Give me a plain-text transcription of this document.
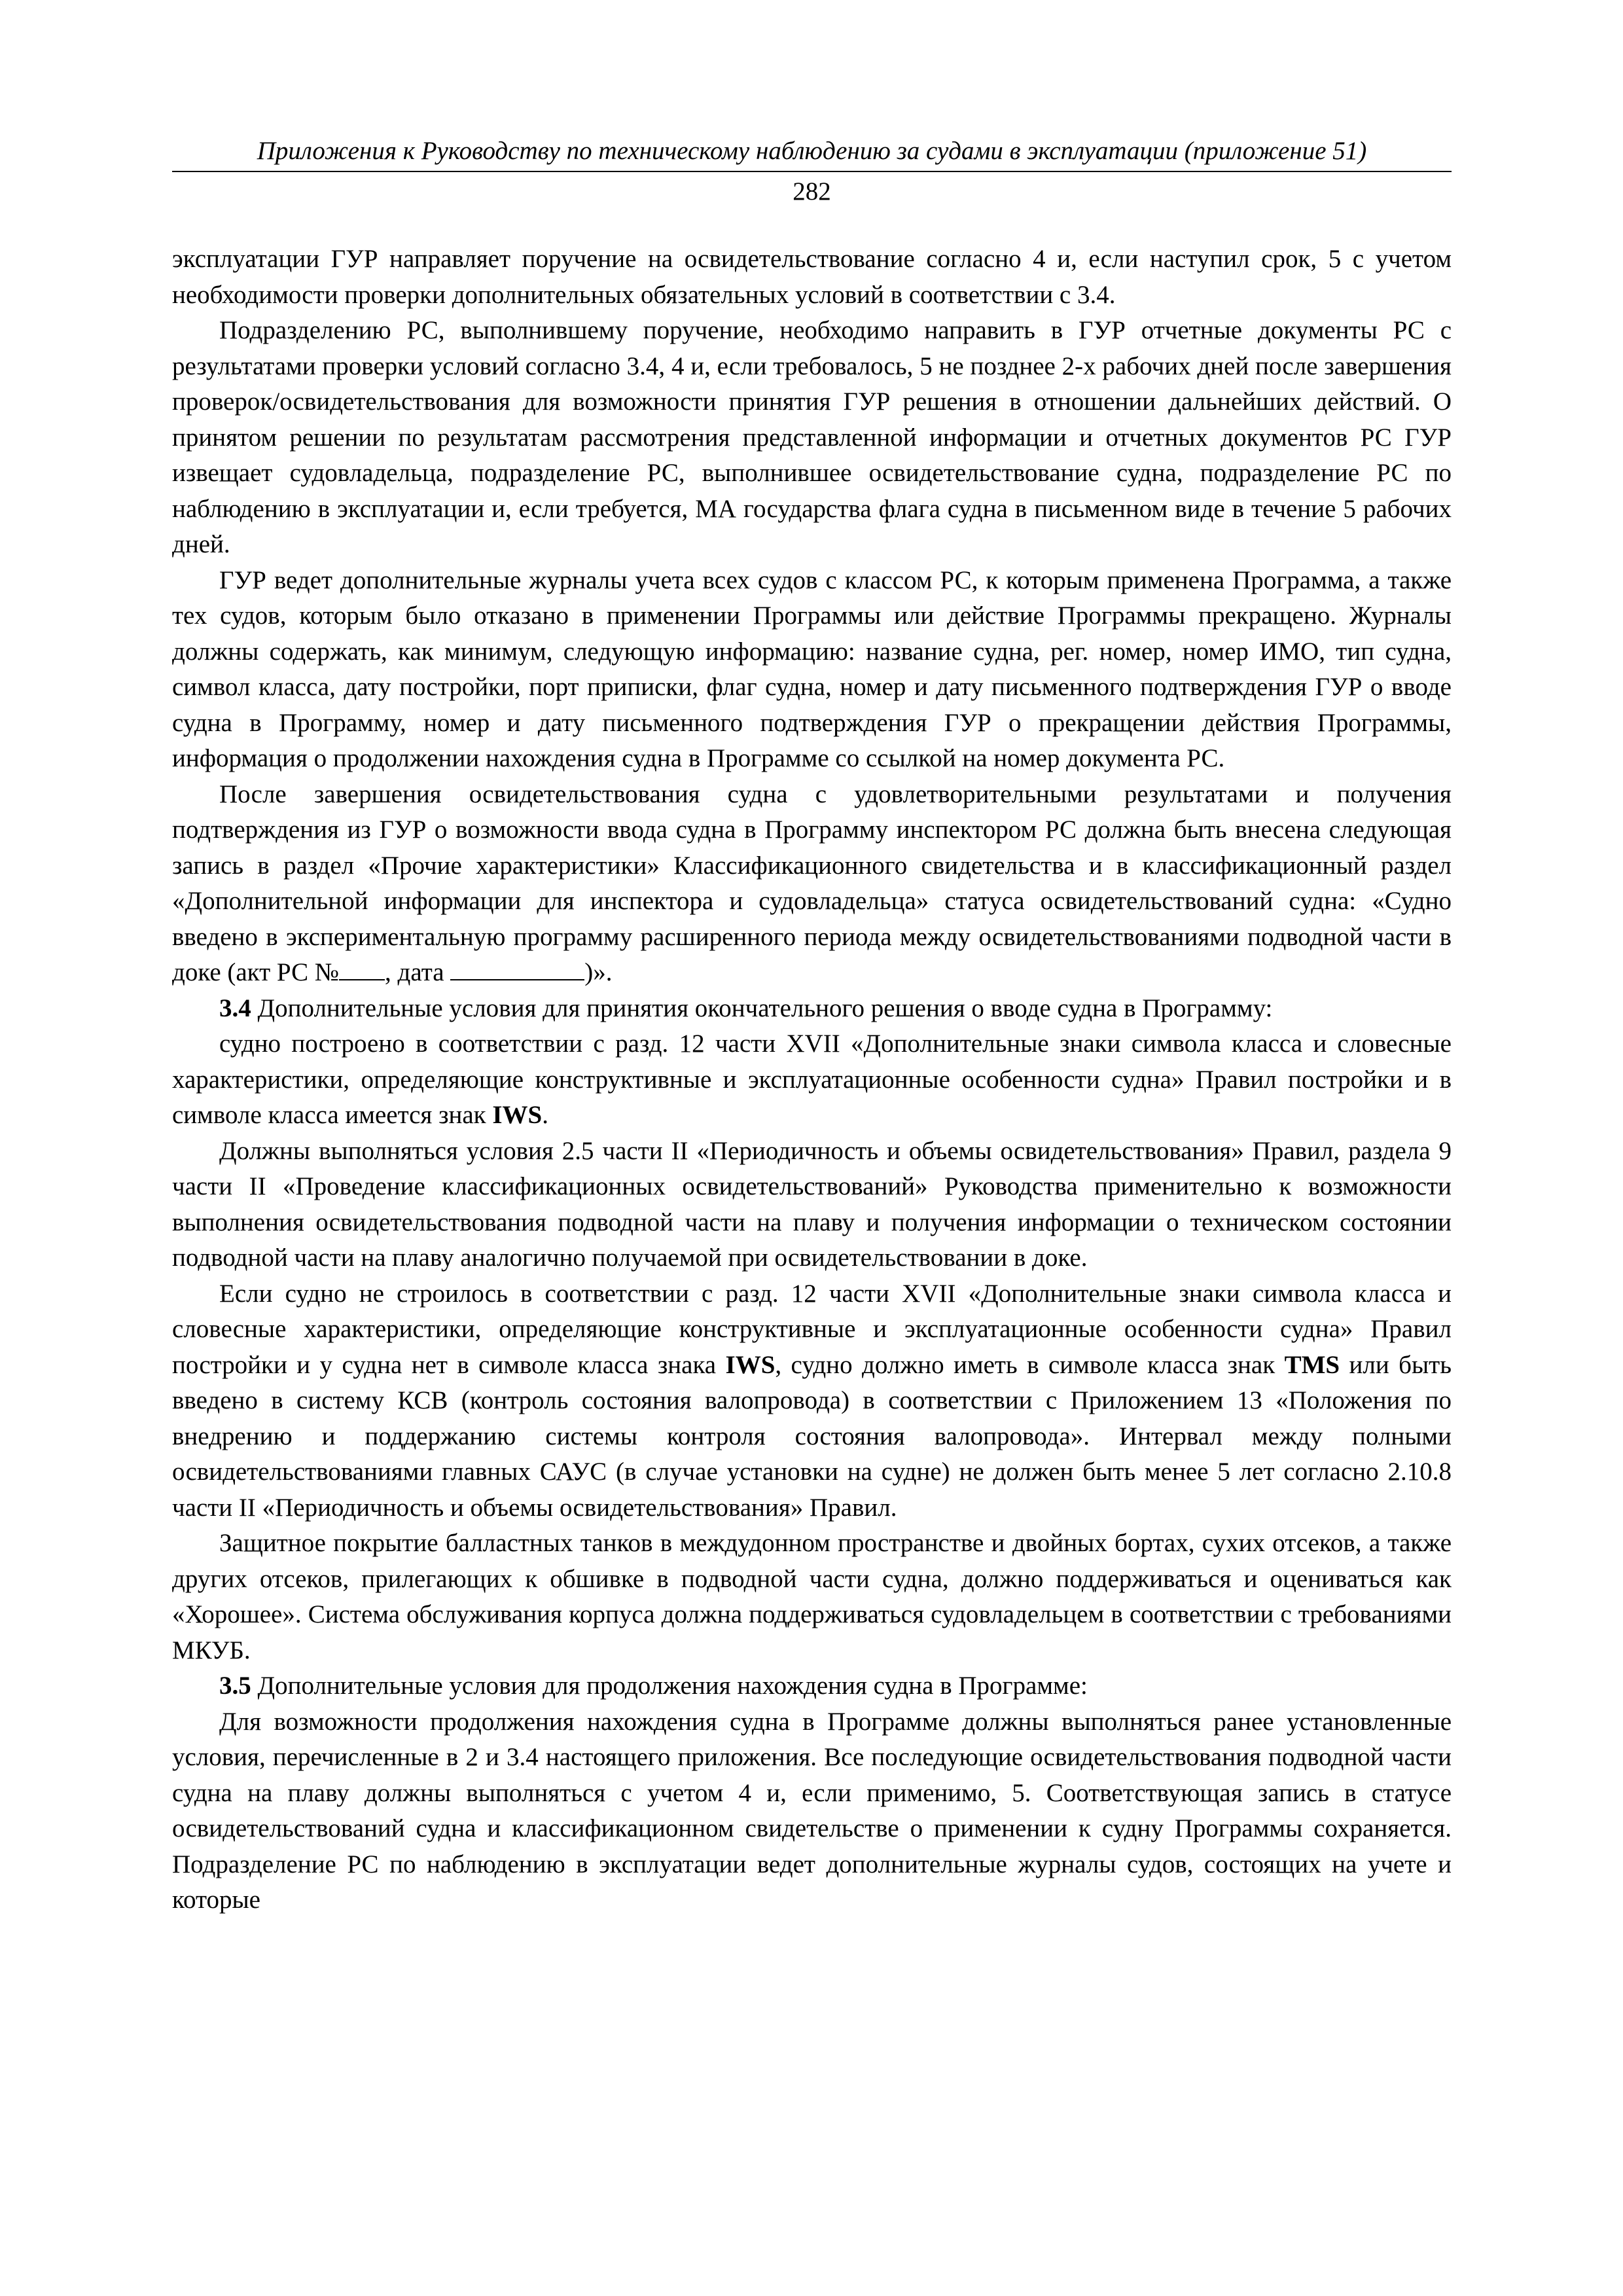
Приложения к Руководству по техническому наблюдению за судами в эксплуатации (приложение 51)
282

эксплуатации ГУР направляет поручение на освидетельствование согласно 4 и, если наступил срок, 5 с учетом необходимости проверки дополнительных обязательных условий в соответствии с 3.4.

Подразделению РС, выполнившему поручение, необходимо направить в ГУР отчетные документы РС с результатами проверки условий согласно 3.4, 4 и, если требовалось, 5 не позднее 2-х рабочих дней после завершения проверок/освидетельствования для возможности принятия ГУР решения в отношении дальнейших действий. О принятом решении по результатам рассмотрения представленной информации и отчетных документов РС ГУР извещает судовладельца, подразделение РС, выполнившее освидетельствование судна, подразделение РС по наблюдению в эксплуатации и, если требуется, МА государства флага судна в письменном виде в течение 5 рабочих дней.

ГУР ведет дополнительные журналы учета всех судов с классом РС, к которым применена Программа, а также тех судов, которым было отказано в применении Программы или действие Программы прекращено. Журналы должны содержать, как минимум, следующую информацию: название судна, рег. номер, номер ИМО, тип судна, символ класса, дату постройки, порт приписки, флаг судна, номер и дату письменного подтверждения ГУР о вводе судна в Программу, номер и дату письменного подтверждения ГУР о прекращении действия Программы, информация о продолжении нахождения судна в Программе со ссылкой на номер документа РС.

После завершения освидетельствования судна с удовлетворительными результатами и получения подтверждения из ГУР о возможности ввода судна в Программу инспектором РС должна быть внесена следующая запись в раздел «Прочие характеристики» Классификационного свидетельства и в классификационный раздел «Дополнительной информации для инспектора и судовладельца» статуса освидетельствований судна: «Судно введено в экспериментальную программу расширенного периода между освидетельствованиями подводной части в доке (акт РС № , дата	)».

3.4 Дополнительные условия для принятия окончательного решения о вводе судна в Программу:

судно построено в соответствии с разд. 12 части XVII «Дополнительные знаки символа класса и словесные характеристики, определяющие конструктивные и эксплуатационные особенности судна» Правил постройки и в символе класса имеется знак IWS.

Должны выполняться условия 2.5 части II «Периодичность и объемы освидетельствования» Правил, раздела 9 части II «Проведение классификационных освидетельствований» Руководства применительно к возможности выполнения освидетельствования подводной части на плаву и получения информации о техническом состоянии подводной части на плаву аналогично получаемой при освидетельствовании в доке.

Если судно не строилось в соответствии с разд. 12 части XVII «Дополнительные знаки символа класса и словесные характеристики, определяющие конструктивные и эксплуатационные особенности судна» Правил постройки и у судна нет в символе класса знака IWS, судно должно иметь в символе класса знак TMS или быть введено в систему КСВ (контроль состояния валопровода) в соответствии с Приложением 13 «Положения по внедрению и поддержанию системы контроля состояния валопровода». Интервал между полными освидетельствованиями главных САУС (в случае установки на судне) не должен быть менее 5 лет согласно 2.10.8 части II «Периодичность и объемы освидетельствования» Правил.

Защитное покрытие балластных танков в междудонном пространстве и двойных бортах, сухих отсеков, а также других отсеков, прилегающих к обшивке в подводной части судна, должно поддерживаться и оцениваться как «Хорошее». Система обслуживания корпуса должна поддерживаться судовладельцем в соответствии с требованиями МКУБ.

3.5 Дополнительные условия для продолжения нахождения судна в Программе:

Для возможности продолжения нахождения судна в Программе должны выполняться ранее установленные условия, перечисленные в 2 и 3.4 настоящего приложения. Все последующие освидетельствования подводной части судна на плаву должны выполняться с учетом 4 и, если применимо, 5. Соответствующая запись в статусе освидетельствований судна и классификационном свидетельстве о применении к судну Программы сохраняется. Подразделение РС по наблюдению в эксплуатации ведет дополнительные журналы судов, состоящих на учете и которые
